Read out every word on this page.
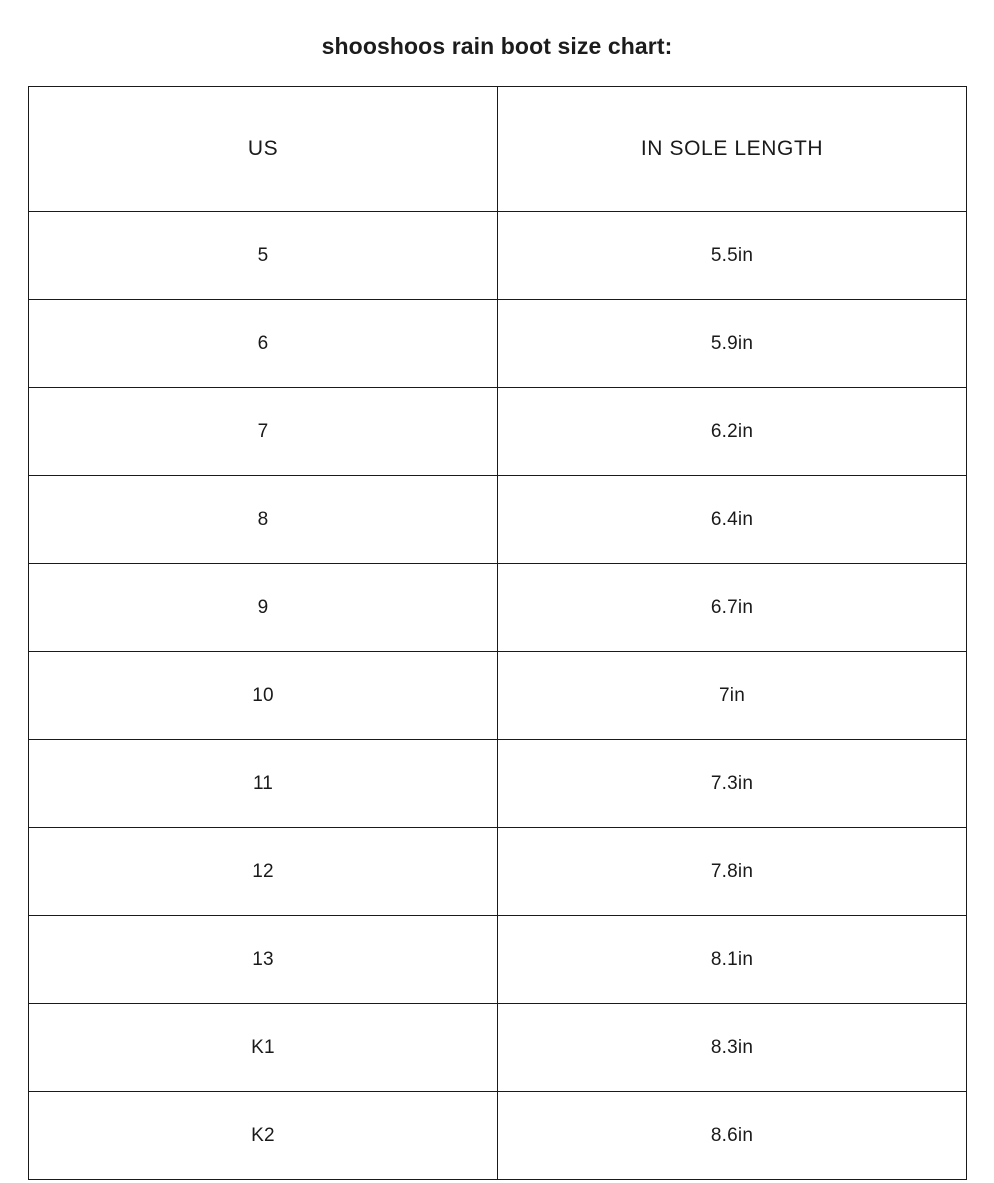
shooshoos rain boot size chart:
US	IN SOLE LENGTH
5	5.5in
6	5.9in
7	6.2in
8	6.4in
9	6.7in
10	7in
11	7.3in
12	7.8in
13	8.1in
K1	8.3in
K2	8.6in
